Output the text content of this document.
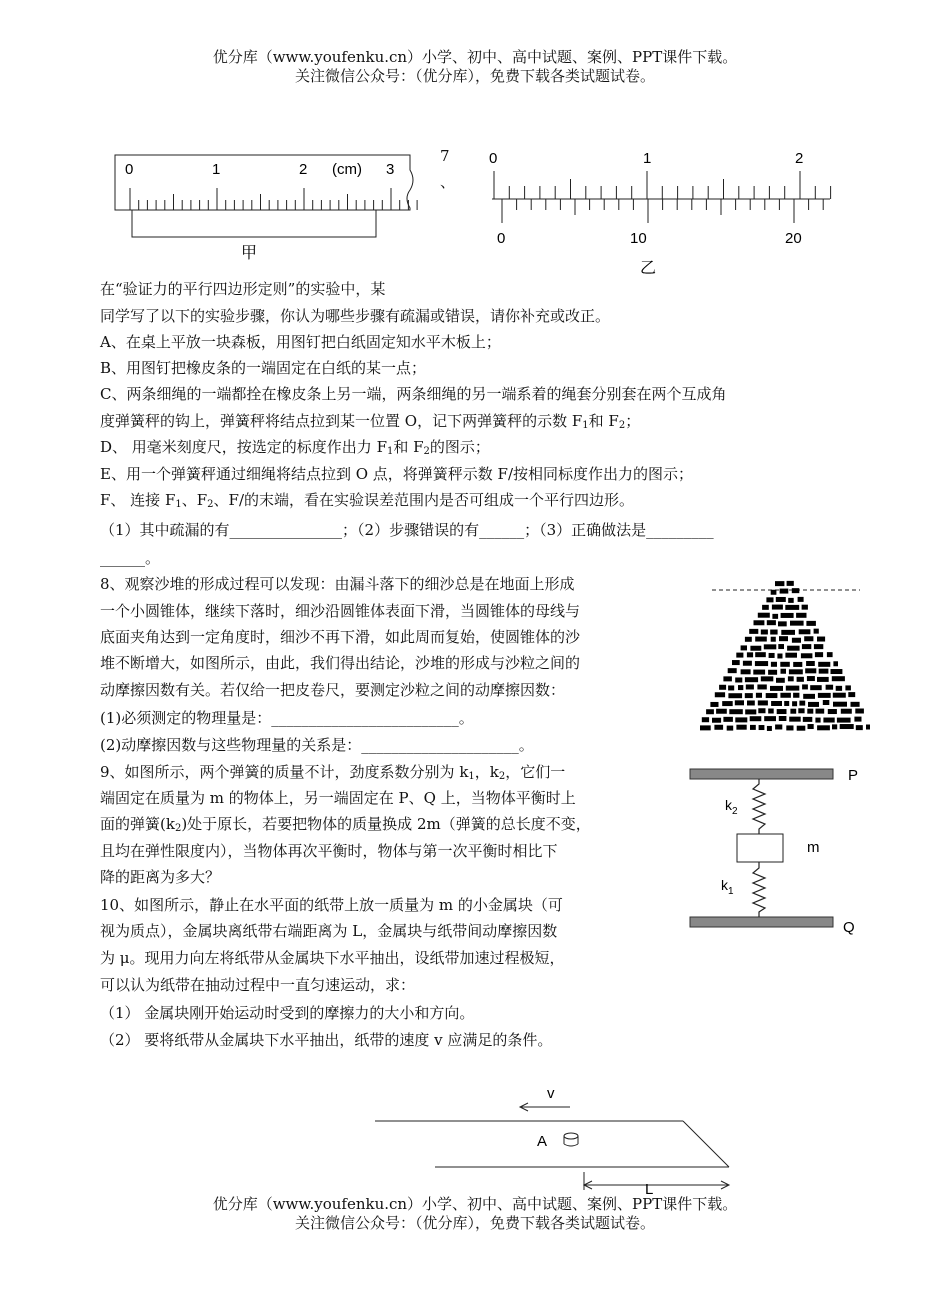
优分库（www.youfenku.cn）小学、初中、高中试题、案例、PPT课件下载。
关注微信公众号：（优分库），免费下载各类试题试卷。
0	1	2 (cm) 3
甲
7
、
0	1	2
0	10	20
乙
在“验证力的平行四边形定则”的实验中，某
同学写了以下的实验步骤，你认为哪些步骤有疏漏或错误，请你补充或改正。
A、在桌上平放一块森板，用图钉把白纸固定知水平木板上；
B、用图钉把橡皮条的一端固定在白纸的某一点；
C、两条细绳的一端都拴在橡皮条上另一端，两条细绳的另一端系着的绳套分别套在两个互成角
度弹簧秤的钩上，弹簧秤将结点拉到某一位置 O，记下两弹簧秤的示数 $F_1$和 $F_2$；
D、 用毫米刻度尺，按选定的标度作出力 $F_1$和 $F_2$的图示；
E、用一个弹簧秤通过细绳将结点拉到 O 点，将弹簧秤示数 F/按相同标度作出力的图示；
F、 连接 $F_1$、$F_2$、F/的末端，看在实验误差范围内是否可组成一个平行四边形。
（1）其中疏漏的有_______________；（2）步骤错误的有______；（3）正确做法是_________
______。
8、观察沙堆的形成过程可以发现：由漏斗落下的细沙总是在地面上形成
一个小圆锥体，继续下落时，细沙沿圆锥体表面下滑，当圆锥体的母线与
底面夹角达到一定角度时，细沙不再下滑，如此周而复始，使圆锥体的沙
堆不断增大，如图所示，由此，我们得出结论，沙堆的形成与沙粒之间的
动摩擦因数有关。若仅给一把皮卷尺，要测定沙粒之间的动摩擦因数：
(1)必须测定的物理量是：_________________________。
(2)动摩擦因数与这些物理量的关系是：_____________________。
9、如图所示，两个弹簧的质量不计，劲度系数分别为 $k_1$，$k_2$，它们一
端固定在质量为 m 的物体上，另一端固定在 P、Q 上，当物体平衡时上
面的弹簧$(k_2)$处于原长，若要把物体的质量换成 2m（弹簧的总长度不变，
且均在弹性限度内），当物体再次平衡时，物体与第一次平衡时相比下
降的距离为多大？
P
Q
m
$k_2$
$k_1$
10、如图所示，静止在水平面的纸带上放一质量为 m 的小金属块（可
视为质点），金属块离纸带右端距离为 L，金属块与纸带间动摩擦因数
为 μ。现用力向左将纸带从金属块下水平抽出，设纸带加速过程极短，
可以认为纸带在抽动过程中一直匀速运动，求：
（1） 金属块刚开始运动时受到的摩擦力的大小和方向。
（2） 要将纸带从金属块下水平抽出，纸带的速度 v 应满足的条件。
v
A
L
优分库（www.youfenku.cn）小学、初中、高中试题、案例、PPT课件下载。
关注微信公众号：（优分库），免费下载各类试题试卷。
